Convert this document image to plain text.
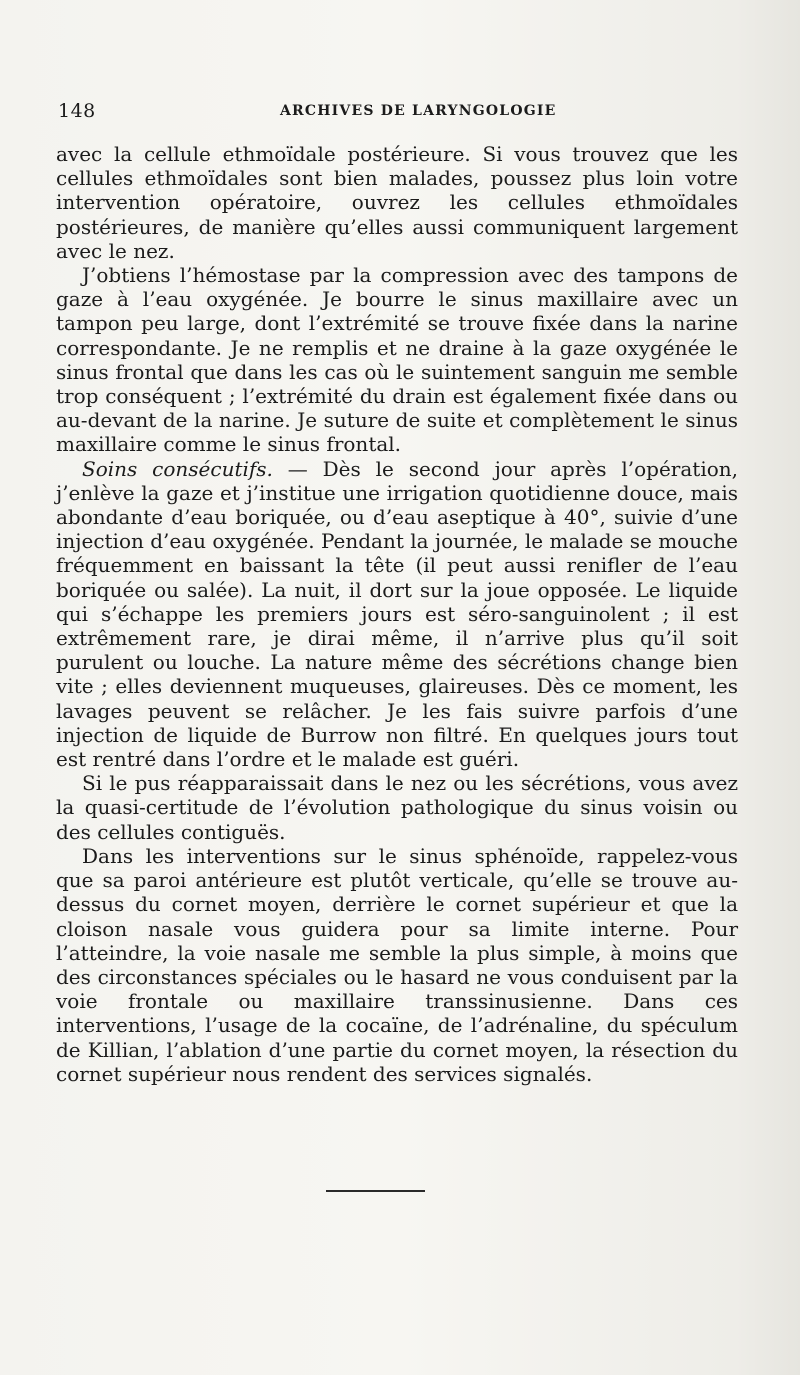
148	ARCHIVES DE LARYNGOLOGIE

avec la cellule ethmoïdale postérieure. Si vous trouvez que les cellules ethmoïdales sont bien malades, poussez plus loin votre intervention opératoire, ouvrez les cellules ethmoïdales postérieures, de manière qu’elles aussi communiquent largement avec le nez.

J’obtiens l’hémostase par la compression avec des tampons de gaze à l’eau oxygénée. Je bourre le sinus maxillaire avec un tampon peu large, dont l’extrémité se trouve fixée dans la narine correspondante. Je ne remplis et ne draine à la gaze oxygénée le sinus frontal que dans les cas où le suintement sanguin me semble trop conséquent ; l’extrémité du drain est également fixée dans ou au-devant de la narine. Je suture de suite et complètement le sinus maxillaire comme le sinus frontal.

Soins consécutifs. — Dès le second jour après l’opération, j’enlève la gaze et j’institue une irrigation quotidienne douce, mais abondante d’eau boriquée, ou d’eau aseptique à 40°, suivie d’une injection d’eau oxygénée. Pendant la journée, le malade se mouche fréquemment en baissant la tête (il peut aussi renifler de l’eau boriquée ou salée). La nuit, il dort sur la joue opposée. Le liquide qui s’échappe les premiers jours est séro-sanguinolent ; il est extrêmement rare, je dirai même, il n’arrive plus qu’il soit purulent ou louche. La nature même des sécrétions change bien vite ; elles deviennent muqueuses, glaireuses. Dès ce moment, les lavages peuvent se relâcher. Je les fais suivre parfois d’une injection de liquide de Burrow non filtré. En quelques jours tout est rentré dans l’ordre et le malade est guéri.

Si le pus réapparaissait dans le nez ou les sécrétions, vous avez la quasi-certitude de l’évolution pathologique du sinus voisin ou des cellules contiguës.

Dans les interventions sur le sinus sphénoïde, rappelez-vous que sa paroi antérieure est plutôt verticale, qu’elle se trouve au-dessus du cornet moyen, derrière le cornet supérieur et que la cloison nasale vous guidera pour sa limite interne. Pour l’atteindre, la voie nasale me semble la plus simple, à moins que des circonstances spéciales ou le hasard ne vous conduisent par la voie frontale ou maxillaire transsinusienne. Dans ces interventions, l’usage de la cocaïne, de l’adrénaline, du spéculum de Killian, l’ablation d’une partie du cornet moyen, la résection du cornet supérieur nous rendent des services signalés.
